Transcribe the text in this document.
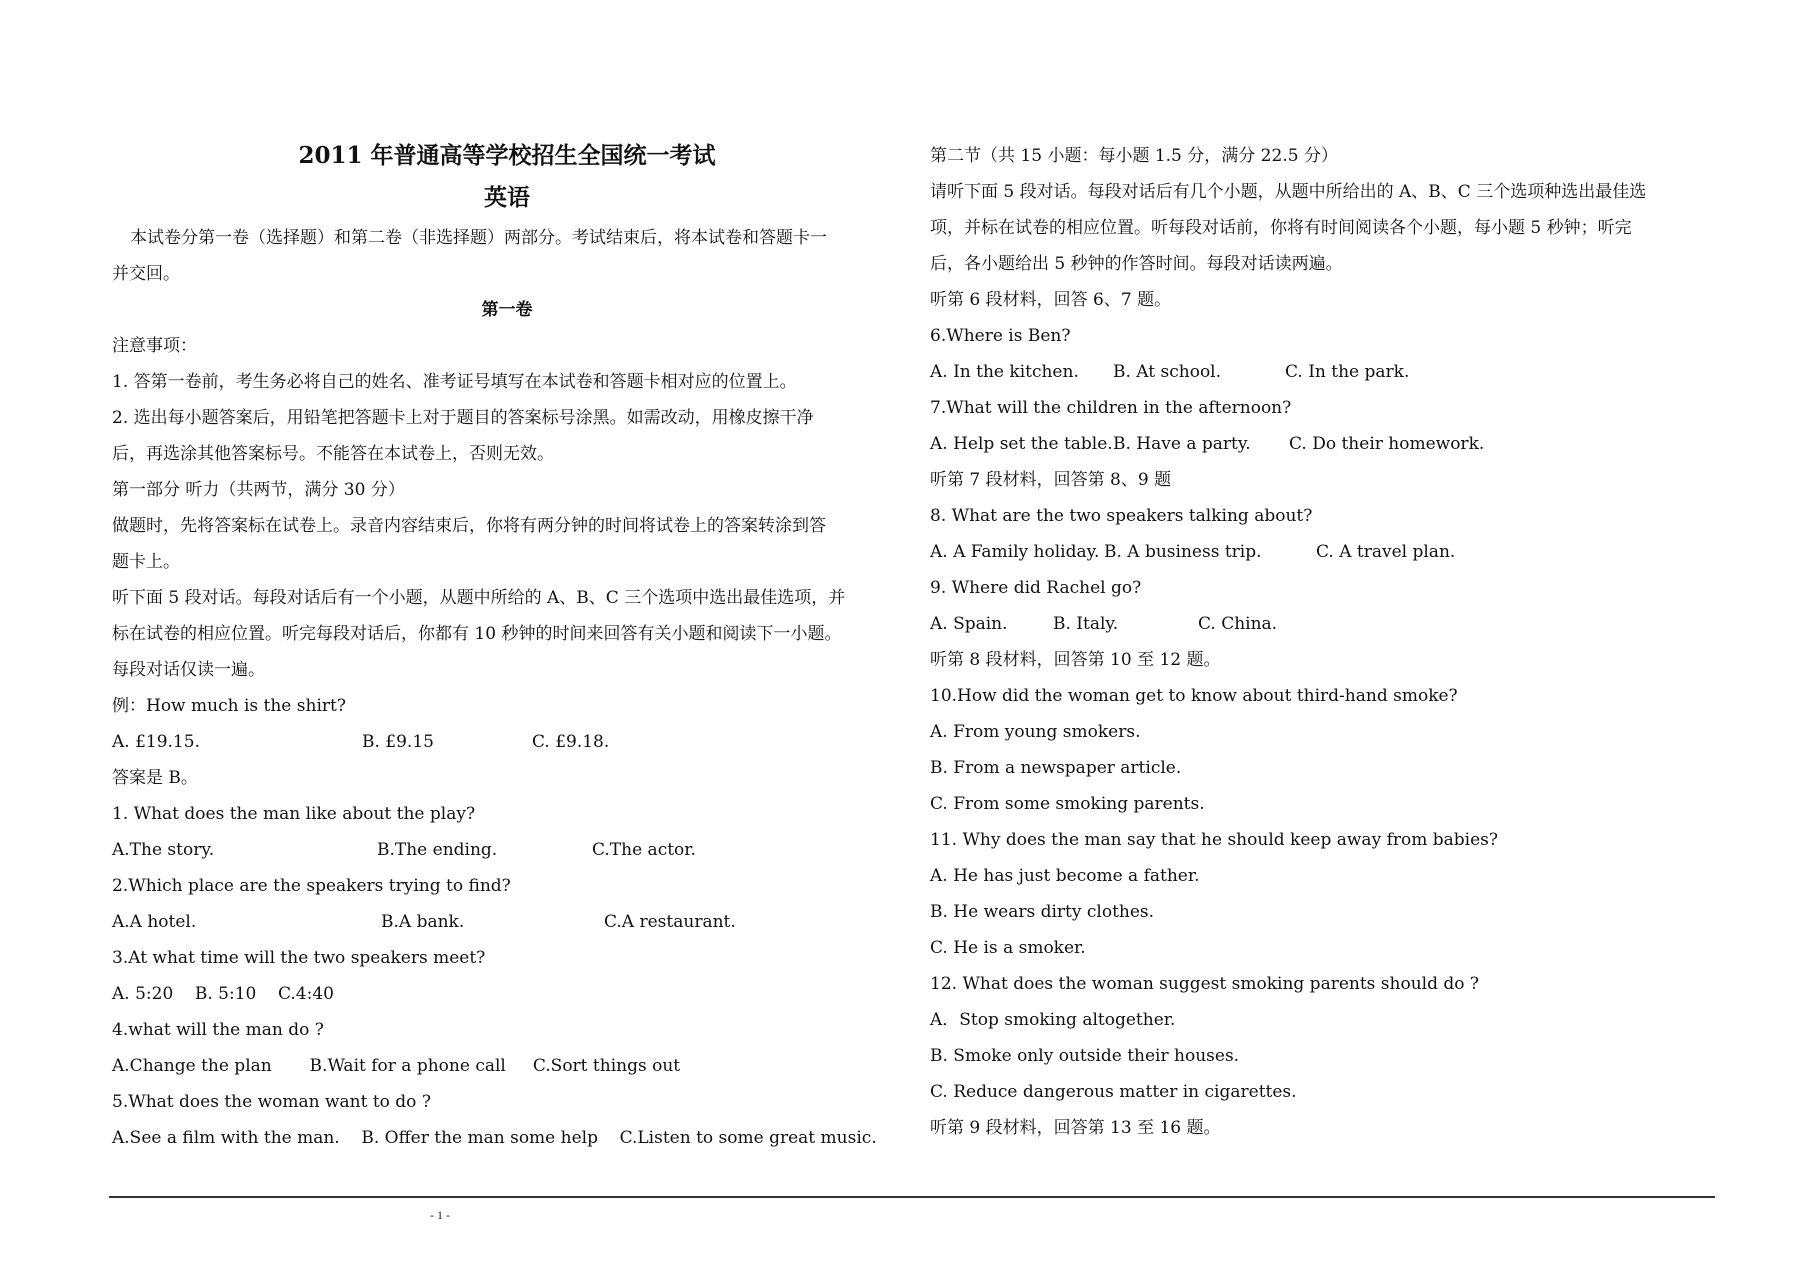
2011 年普通高等学校招生全国统一考试
英语
本试卷分第一卷（选择题）和第二卷（非选择题）两部分。考试结束后，将本试卷和答题卡一
并交回。
第一卷
注意事项：
1. 答第一卷前，考生务必将自己的姓名、准考证号填写在本试卷和答题卡相对应的位置上。
2. 选出每小题答案后，用铅笔把答题卡上对于题目的答案标号涂黑。如需改动，用橡皮擦干净
后，再选涂其他答案标号。不能答在本试卷上，否则无效。
第一部分 听力（共两节，满分 30 分）
做题时，先将答案标在试卷上。录音内容结束后，你将有两分钟的时间将试卷上的答案转涂到答
题卡上。
听下面 5 段对话。每段对话后有一个小题，从题中所给的 A、B、C 三个选项中选出最佳选项，并
标在试卷的相应位置。听完每段对话后，你都有 10 秒钟的时间来回答有关小题和阅读下一小题。
每段对话仅读一遍。
例：How much is the shirt?
A. £19.15.	B. £9.15	C. £9.18.
答案是 B。
1. What does the man like about the play?
A.The story.	B.The ending.	C.The actor.
2.Which place are the speakers trying to find?
A.A hotel.	B.A bank.	C.A restaurant.
3.At what time will the two speakers meet?
A. 5:20    B. 5:10    C.4:40
4.what will the man do ?
A.Change the plan       B.Wait for a phone call     C.Sort things out
5.What does the woman want to do ?
A.See a film with the man.    B. Offer the man some help    C.Listen to some great music.
第二节（共 15 小题：每小题 1.5 分，满分 22.5 分）
请听下面 5 段对话。每段对话后有几个小题，从题中所给出的 A、B、C 三个选项种选出最佳选
项，并标在试卷的相应位置。听每段对话前，你将有时间阅读各个小题，每小题 5 秒钟；听完
后，各小题给出 5 秒钟的作答时间。每段对话读两遍。
听第 6 段材料，回答 6、7 题。
6.Where is Ben?
A. In the kitchen. B. At school.	C. In the park.
7.What will the children in the afternoon?
A. Help set the table.B. Have a party. C. Do their homework.
听第 7 段材料，回答第 8、9 题
8. What are the two speakers talking about?
A. A Family holiday. B. A business trip.	C. A travel plan.
9. Where did Rachel go?
A. Spain.	B. Italy.	C. China.
听第 8 段材料，回答第 10 至 12 题。
10.How did the woman get to know about third-hand smoke?
A. From young smokers.
B. From a newspaper article.
C. From some smoking parents.
11. Why does the man say that he should keep away from babies?
A. He has just become a father.
B. He wears dirty clothes.
C. He is a smoker.
12. What does the woman suggest smoking parents should do ?
A．Stop smoking altogether.
B. Smoke only outside their houses.
C. Reduce dangerous matter in cigarettes.
听第 9 段材料，回答第 13 至 16 题。
- 1 -
